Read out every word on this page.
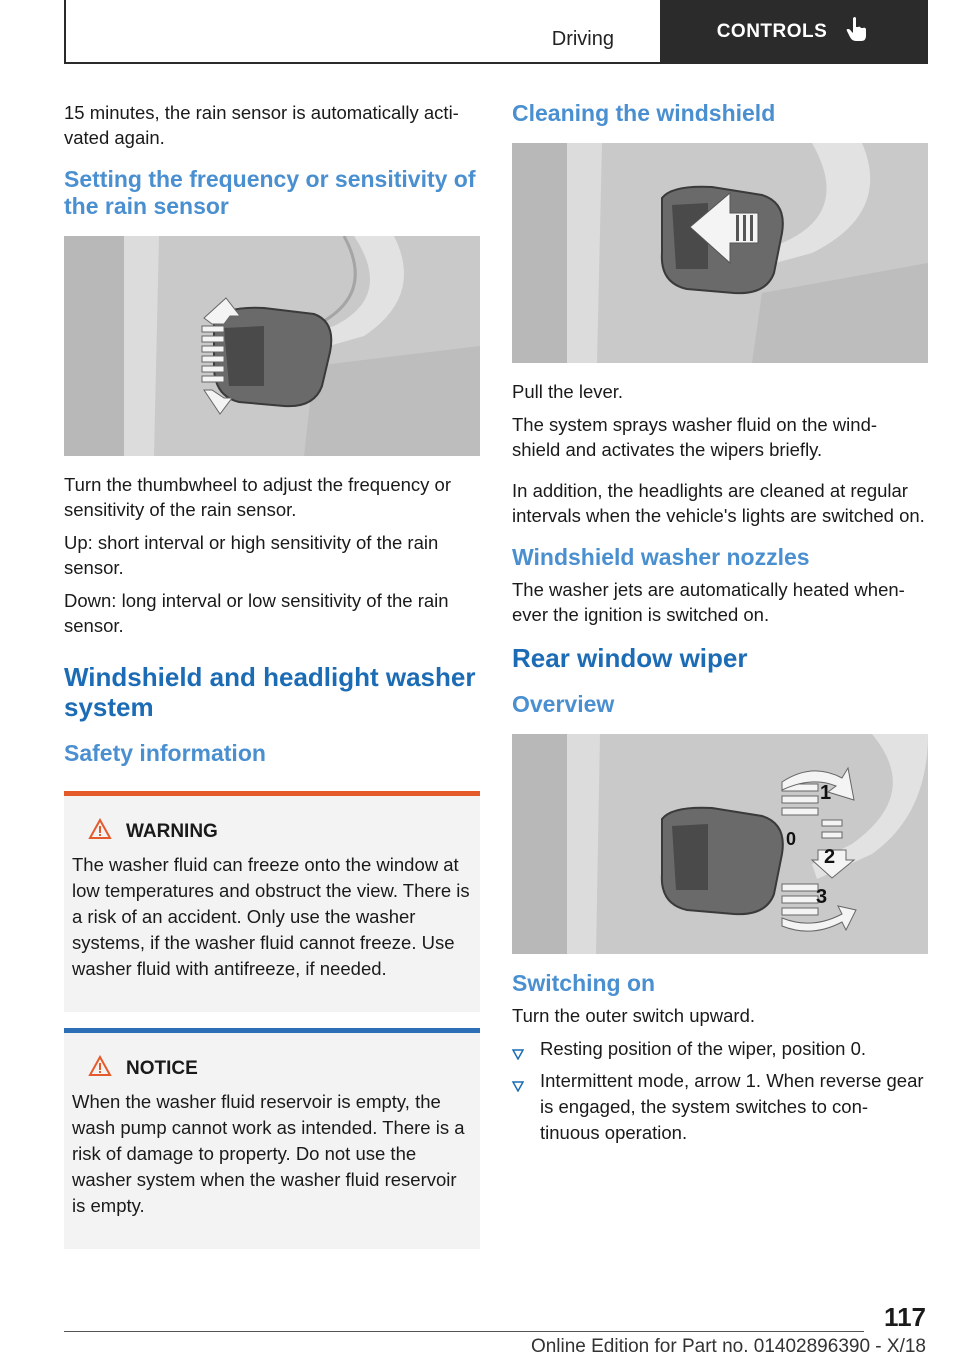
Driving	CONTROLS

15 minutes, the rain sensor is automatically acti‐ vated again.

Setting the frequency or sensitivity of the rain sensor

Turn the thumbwheel to adjust the frequency or sensitivity of the rain sensor.

Up: short interval or high sensitivity of the rain sensor.

Down: long interval or low sensitivity of the rain sensor.

Windshield and headlight washer system
Safety information
WARNING

The washer fluid can freeze onto the window at low temperatures and obstruct the view. There is a risk of an accident. Only use the washer systems, if the washer fluid cannot freeze. Use washer fluid with antifreeze, if needed.

NOTICE

When the washer fluid reservoir is empty, the wash pump cannot work as intended. There is a risk of damage to property. Do not use the washer system when the washer fluid reservoir is empty.

Cleaning the windshield

Pull the lever.

The system sprays washer fluid on the wind‐ shield and activates the wipers briefly.

In addition, the headlights are cleaned at regular intervals when the vehicle's lights are switched on.

Windshield washer nozzles

The washer jets are automatically heated when‐ ever the ignition is switched on.

Rear window wiper
Overview
1
0
2
3
Switching on

Turn the outer switch upward.

Resting position of the wiper, position 0.
Intermittent mode, arrow 1. When reverse gear is engaged, the system switches to con‐ tinuous operation.
117
Online Edition for Part no. 01402896390 - X/18
